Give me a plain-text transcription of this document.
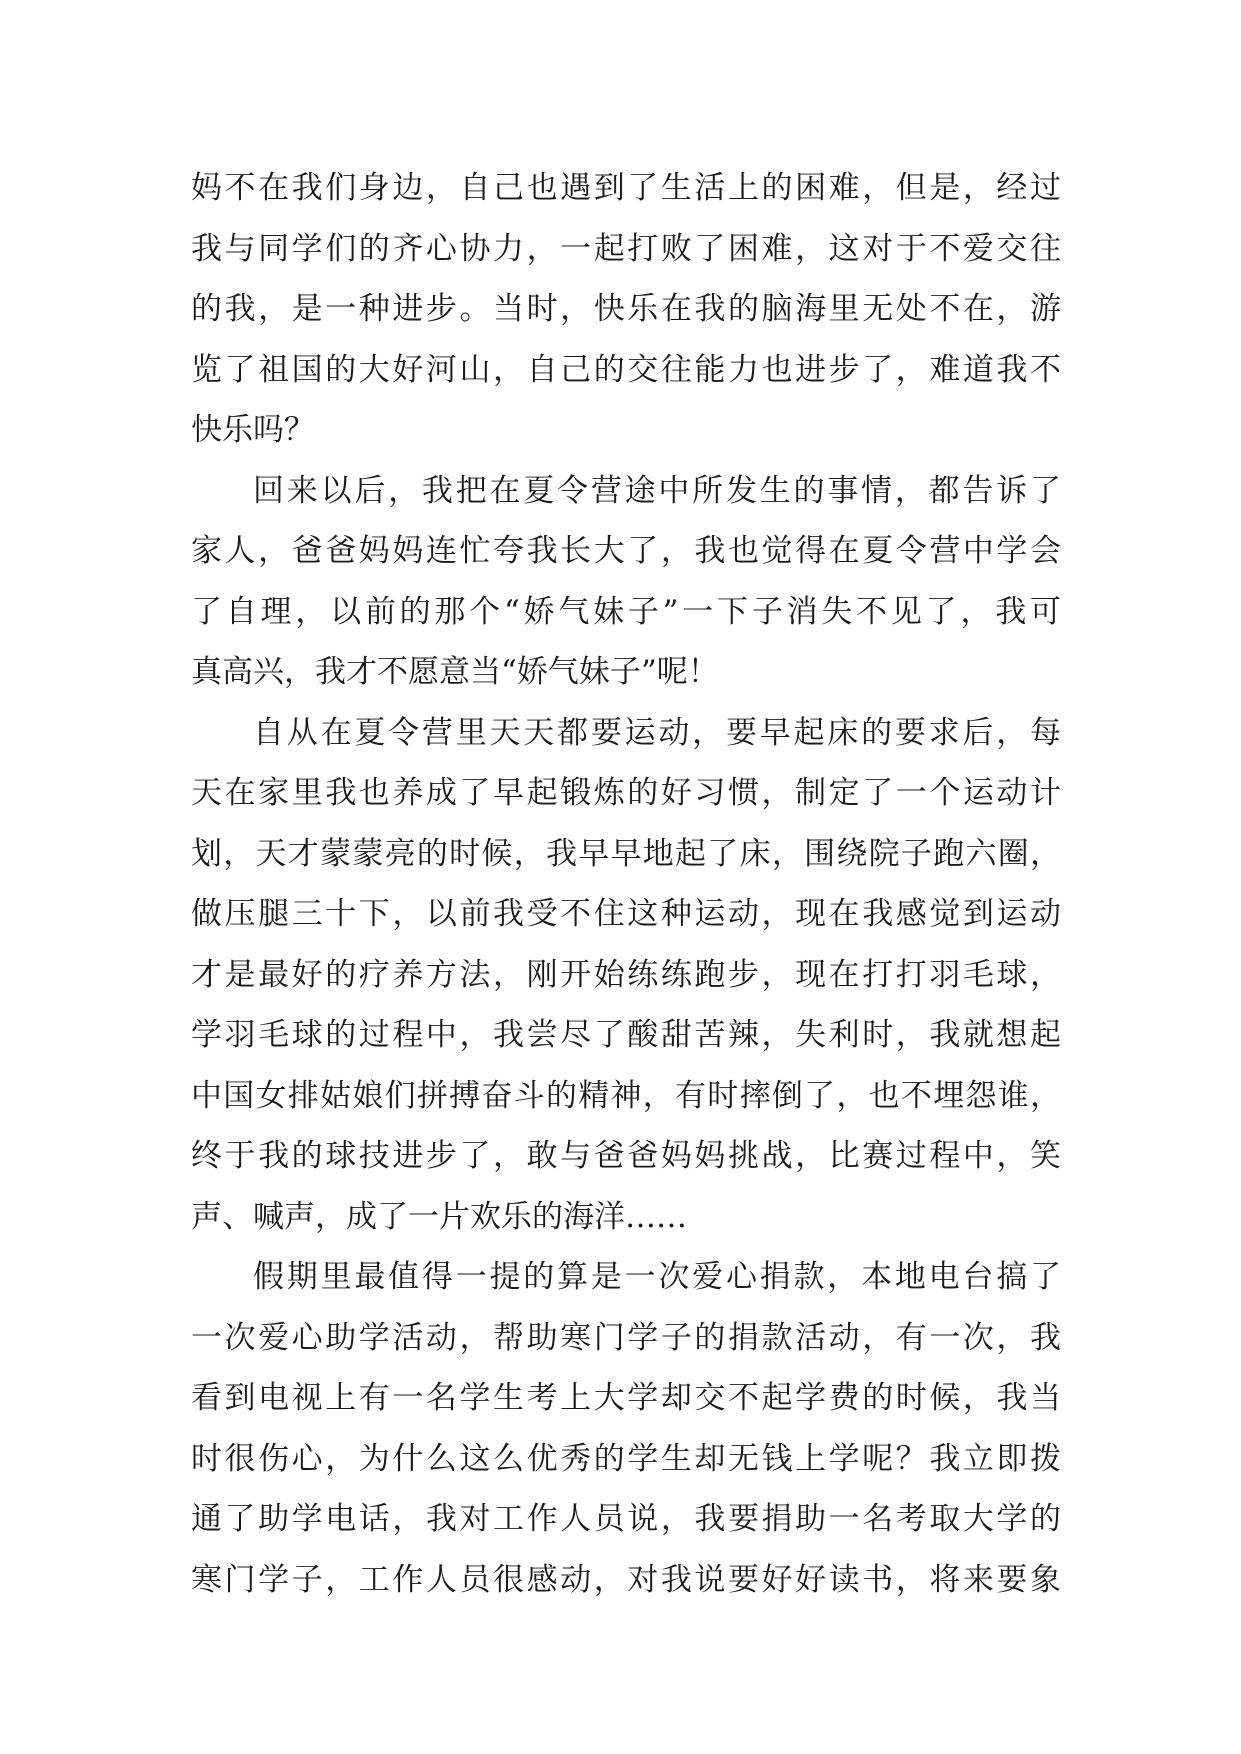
妈不在我们身边，自己也遇到了生活上的困难，但是，经过
我与同学们的齐心协力，一起打败了困难，这对于不爱交往
的我，是一种进步。当时，快乐在我的脑海里无处不在，游
览了祖国的大好河山，自己的交往能力也进步了，难道我不
快乐吗？
回来以后，我把在夏令营途中所发生的事情，都告诉了
家人，爸爸妈妈连忙夸我长大了，我也觉得在夏令营中学会
了自理，以前的那个“娇气妹子”一下子消失不见了，我可
真高兴，我才不愿意当“娇气妹子”呢！
自从在夏令营里天天都要运动，要早起床的要求后，每
天在家里我也养成了早起锻炼的好习惯，制定了一个运动计
划，天才蒙蒙亮的时候，我早早地起了床，围绕院子跑六圈，
做压腿三十下，以前我受不住这种运动，现在我感觉到运动
才是最好的疗养方法，刚开始练练跑步，现在打打羽毛球，
学羽毛球的过程中，我尝尽了酸甜苦辣，失利时，我就想起
中国女排姑娘们拼搏奋斗的精神，有时摔倒了，也不埋怨谁，
终于我的球技进步了，敢与爸爸妈妈挑战，比赛过程中，笑
声、喊声，成了一片欢乐的海洋……
假期里最值得一提的算是一次爱心捐款，本地电台搞了
一次爱心助学活动，帮助寒门学子的捐款活动，有一次，我
看到电视上有一名学生考上大学却交不起学费的时候，我当
时很伤心，为什么这么优秀的学生却无钱上学呢？我立即拨
通了助学电话，我对工作人员说，我要捐助一名考取大学的
寒门学子，工作人员很感动，对我说要好好读书，将来要象
